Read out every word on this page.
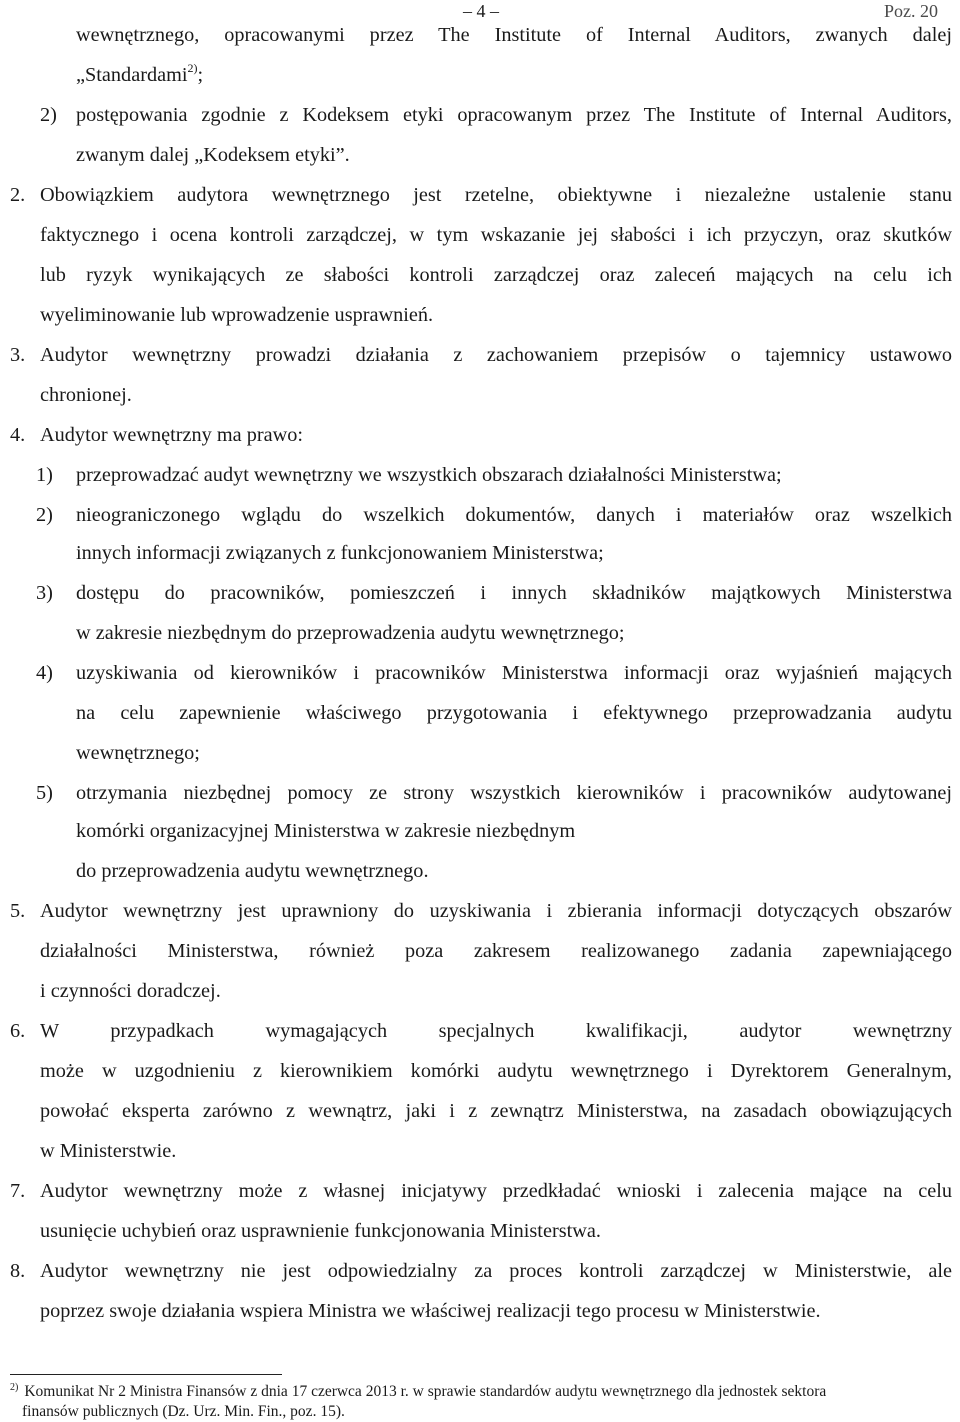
– 4 –	Poz. 20
wewnętrznego, opracowanymi przez The Institute of Internal Auditors, zwanych dalej
„Standardami$^{2)}$;
2) postępowania zgodnie z Kodeksem etyki opracowanym przez The Institute of Internal Auditors,
zwanym dalej „Kodeksem etyki”.
2. Obowiązkiem audytora wewnętrznego jest rzetelne, obiektywne i niezależne ustalenie stanu
faktycznego i ocena kontroli zarządczej, w tym wskazanie jej słabości i ich przyczyn, oraz skutków
lub ryzyk wynikających ze słabości kontroli zarządczej oraz zaleceń mających na celu ich
wyeliminowanie lub wprowadzenie usprawnień.
3. Audytor wewnętrzny prowadzi działania z zachowaniem przepisów o tajemnicy ustawowo
chronionej.
4. Audytor wewnętrzny ma prawo:
1) przeprowadzać audyt wewnętrzny we wszystkich obszarach działalności Ministerstwa;
2) nieograniczonego wglądu do wszelkich dokumentów, danych i materiałów oraz wszelkich
innych informacji związanych z funkcjonowaniem Ministerstwa;
3) dostępu do pracowników, pomieszczeń i innych składników majątkowych Ministerstwa
w zakresie niezbędnym do przeprowadzenia audytu wewnętrznego;
4) uzyskiwania od kierowników i pracowników Ministerstwa informacji oraz wyjaśnień mających
na celu zapewnienie właściwego przygotowania i efektywnego przeprowadzania audytu
wewnętrznego;
5) otrzymania niezbędnej pomocy ze strony wszystkich kierowników i pracowników audytowanej
komórki organizacyjnej Ministerstwa w zakresie niezbędnym
do przeprowadzenia audytu wewnętrznego.
5. Audytor wewnętrzny jest uprawniony do uzyskiwania i zbierania informacji dotyczących obszarów
działalności Ministerstwa, również poza zakresem realizowanego zadania zapewniającego
i czynności doradczej.
6. W przypadkach wymagających specjalnych kwalifikacji, audytor wewnętrzny
może w uzgodnieniu z kierownikiem komórki audytu wewnętrznego i Dyrektorem Generalnym,
powołać eksperta zarówno z wewnątrz, jaki i z zewnątrz Ministerstwa, na zasadach obowiązujących
w Ministerstwie.
7. Audytor wewnętrzny może z własnej inicjatywy przedkładać wnioski i zalecenia mające na celu
usunięcie uchybień oraz usprawnienie funkcjonowania Ministerstwa.
8. Audytor wewnętrzny nie jest odpowiedzialny za proces kontroli zarządczej w Ministerstwie, ale
poprzez swoje działania wspiera Ministra we właściwej realizacji tego procesu w Ministerstwie.
$^{2)}$ Komunikat Nr 2 Ministra Finansów z dnia 17 czerwca 2013 r. w sprawie standardów audytu wewnętrznego dla jednostek sektora
finansów publicznych (Dz. Urz. Min. Fin., poz. 15).
